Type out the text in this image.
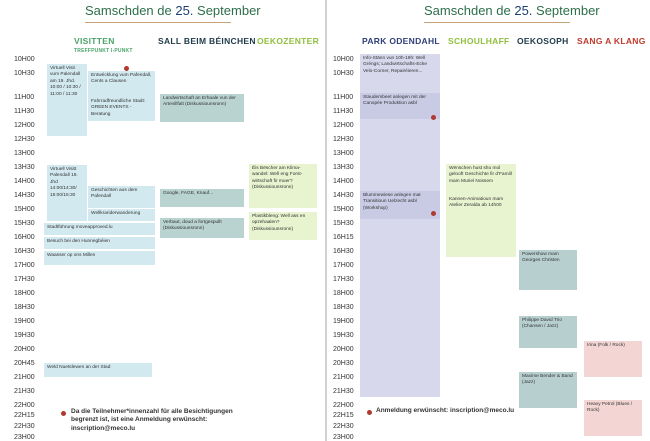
Samschden de 25. September
VISITTEN
TREFFPUNKT I-PUNKT
SALL BEIM BÉINCHEN OEKOZENTER
10H00
10H30
11H00
11H30
12H00
12H30
13H00
13H30
14H00
14H30
15H00
15H30
16H00
16H30
17H00
17H30
18H00
18H30
19H00
19H30
20H00
20H45
21H00
21H30
22H00
22H15
22H30
23H00
Virtuell Visit vum Palendall am 19. Jhd. 10:00 / 10:30 / 11:00 / 11:30
Entwécklung vum Pafendall, Cents a Clausen
Fahrradfreundliche Stadt: GREEN EVENTS - Beratung
Virtuell Visitt Palendall 19. Jhd 14:00/14:30/ 15:00/15:30
Geschichten aus dem Pafendall
Wellkrariderwanderung
Stadtführung moveapproved.lu
Besuch bei den Hunnegbéien
Waasser op ons Millen
Weld Nuetslewen an der Stad
Landwirtschaft an Erhaale vun der Artevillfalt (Diskussiounsronn)
Google, FAGE, Knauf...
Verbaut, doud a fortgespullt (Diskussiounsronn)
Ëis Bëscher am Klimawandel: Well eng Forstwirtschaft fir muer? (Diskussiounsronn)
Plastikbleng: Well ass en opzehaalen? (Diskussiounsronn)
Da die Teilnehmer*innenzahl für alle Besichtigungen begrenzt ist, ist eine Anmeldung erwünscht: inscription@meco.lu
Samschden de 25. September
PARK ODENDAHL SCHOULHAFF OEKOSOPH SANG A KLANG
10H00
10H30
11H00
11H30
12H00
12H30
13H00
13H30
14H00
14H30
15H00
15H30
16H15
16H30
17H00
17H30
18H00
18H30
19H00
19H30
20H00
20H30
21H00
21H30
22H00
22H15
22H30
23H00
Info-Stänn vun 10h-19h: Well Gréngs; Landwirtschafts-Ecke Velo-Corner, Repairéieren...
Staudembeet anlegen mit der Canopée Produktion asbl
Blummewiese anlegen mat Transitioun Uelzecht asbl (Workshop)
Wënschen hust sho mol gelooft Geschichte fir d'Famill mam Muriel Nossem
Kannen-Animatioun mam Atelier Zeralda ab 14h00
Powershow mam Georges Christen
Philippe David Trio (Chansen / Jazz)
Maxime Bender & Band (Jazz)
Irina (Folk / Rock)
Heavy Petrol (Blues / Rock)
Anmeldung erwünscht: inscription@meco.lu
